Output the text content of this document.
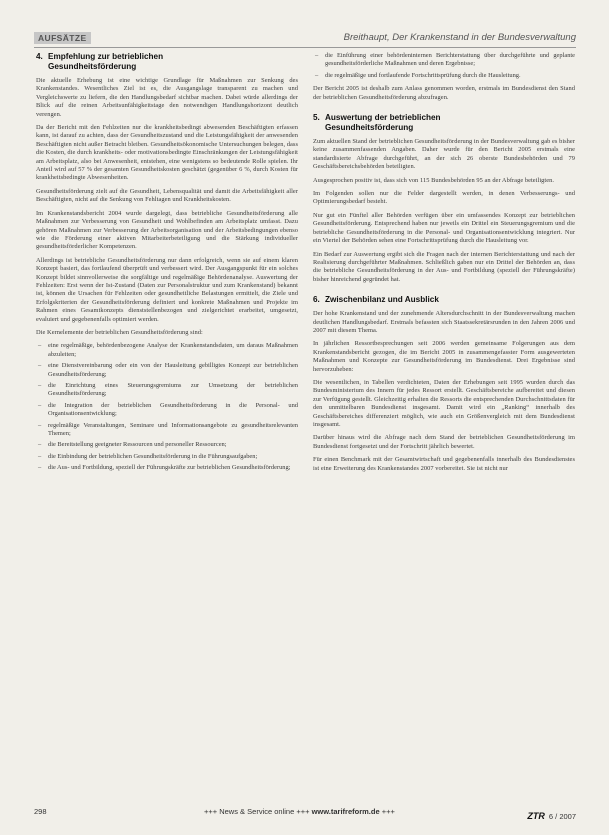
AUFSÄTZE	Breithaupt, Der Krankenstand in der Bundesverwaltung
4. Empfehlung zur betrieblichen
Gesundheitsförderung

Die aktuelle Erhebung ist eine wichtige Grundlage für Maßnahmen zur Senkung des Krankenstandes. Wesentliches Ziel ist es, die Ausgangslage transparent zu machen und Vergleichswerte zu liefern, die den Handlungsbedarf sichtbar machen. Dabei würde allerdings der Blick auf die reinen Arbeitsunfähigkeitstage den notwendigen Handlungshorizont deutlich verengen.

Da der Bericht mit den Fehlzeiten nur die krankheitsbedingt abwesenden Beschäftigten erfassen kann, ist darauf zu achten, dass der Gesundheitszustand und die Leistungsfähigkeit der anwesenden Beschäftigten nicht außer Betracht bleiben. Gesundheitsökonomische Untersuchungen belegen, dass die Kosten, die durch krankheits- oder motivationsbedingte Einschränkungen der Leistungsfähigkeit am Arbeitsplatz, also bei Anwesenheit, entstehen, eine wenigstens so bedeutende Rolle spielen. Ihr Anteil wird auf 57 % der gesamten Gesundheitskosten geschätzt (gegenüber 6 %, durch Kosten für krankheitsbedingte Abwesenheiten.

Gesundheitsförderung zielt auf die Gesundheit, Lebensqualität und damit die Arbeitsfähigkeit aller Beschäftigten, nicht auf die Senkung von Fehltagen und Krankheitskosten.

Im Krankenstandsbericht 2004 wurde dargelegt, dass betriebliche Gesundheitsförderung alle Maßnahmen zur Verbesserung von Gesundheit und Wohlbefinden am Arbeitsplatz umfasst. Dazu gehören Maßnahmen zur Verbesserung der Arbeitsorganisation und der Arbeitsbedingungen ebenso wie die Förderung einer aktiven Mitarbeiterbeteiligung und die Stärkung individueller gesundheitsförderlicher Kompetenzen.

Allerdings ist betriebliche Gesundheitsförderung nur dann erfolgreich, wenn sie auf einem klaren Konzept basiert, das fortlaufend überprüft und verbessert wird. Der Ausgangspunkt für ein solches Konzept bildet sinnvollerweise die sorgfältige und regelmäßige Behördenanalyse. Auswertung der Fehlzeiten: Erst wenn der Ist-Zustand (Daten zur Personalstruktur und zum Krankenstand) bekannt ist, können die Ursachen für Fehlzeiten oder gesundheitliche Belastungen ermittelt, die Ziele und Erfolgskriterien der Gesundheitsförderung definiert und konkrete Maßnahmen und Projekte im Rahmen eines Gesamtkonzepts dienststellenbezogen und zielgerichtet erarbeitet, umgesetzt, evaluiert und gegebenenfalls optimiert werden.

Die Kernelemente der betrieblichen Gesundheitsförderung sind:

– eine regelmäßige, behördenbezogene Analyse der Krankenstandsdaten, um daraus Maßnahmen abzuleiten;
– eine Dienstvereinbarung oder ein von der Hausleitung gebilligtes Konzept zur betrieblichen Gesundheitsförderung;
– die Einrichtung eines Steuerungsgremiums zur Umsetzung der betrieblichen Gesundheitsförderung;
– die Integration der betrieblichen Gesundheitsförderung in die Personal- und Organisationsentwicklung;
– regelmäßige Veranstaltungen, Seminare und Informationsangebote zu gesundheitsrelevanten Themen;
– die Bereitstellung geeigneter Ressourcen und personeller Ressourcen;
– die Einbindung der betrieblichen Gesundheitsförderung in die Führungsaufgaben;
– die Aus- und Fortbildung, speziell der Führungskräfte zur betrieblichen Gesundheitsförderung;
– die Einführung einer behördeninternen Berichterstattung über durchgeführte und geplante gesundheitsförderliche Maßnahmen und deren Ergebnisse;
– die regelmäßige und fortlaufende Fortschrittsprüfung durch die Hausleitung.

Der Bericht 2005 ist deshalb zum Anlass genommen worden, erstmals im Bundesdienst den Stand der betrieblichen Gesundheitsförderung abzufragen.

5. Auswertung der betrieblichen
Gesundheitsförderung

Zum aktuellen Stand der betrieblichen Gesundheitsförderung in der Bundesverwaltung gab es bisher keine zusammenfassenden Angaben. Daher wurde für den Bericht 2005 erstmals eine standardisierte Abfrage durchgeführt, an der sich 26 oberste Bundesbehörden und 79 Geschäftsbereichsbehörden beteiligten.

Ausgesprochen positiv ist, dass sich von 115 Bundesbehörden 95 an der Abfrage beteiligten.

Im Folgenden sollen nur die Felder dargestellt werden, in denen Verbesserungs- und Optimierungsbedarf besteht.

Nur gut ein Fünftel aller Behörden verfügen über ein umfassendes Konzept zur betrieblichen Gesundheitsförderung. Entsprechend haben nur jeweils ein Drittel ein Steuerungsgremium und die betriebliche Gesundheitsförderung in die Personal- und Organisationsentwicklung integriert. Nur ein Viertel der Behörden sehen eine Fortschrittsprüfung durch die Hausleitung vor.

Ein Bedarf zur Auswertung ergibt sich die Fragen nach der internen Berichterstattung und nach der Realisierung durchgeführter Maßnahmen. Schließlich gaben nur ein Drittel der Behörden an, dass die betriebliche Gesundheitsförderung in der Aus- und Fortbildung (speziell der Führungskräfte) bisher hinreichend gegründet hat.

6. Zwischenbilanz und Ausblick

Der hohe Krankenstand und der zunehmende Altersdurchschnitt in der Bundesverwaltung machen deutlichen Handlungsbedarf. Erstmals befassten sich Staatssekretärsrunden in den Jahren 2006 und 2007 mit diesem Thema.

In jährlichen Ressortbesprechungen seit 2006 werden gemeinsame Folgerungen aus dem Krankenstandsbericht gezogen, die im Bericht 2005 in zusammengefasster Form ausgewerteten Maßnahmen und Konzepte zur Gesundheitsförderung im Bundesdienst. Drei Ergebnisse sind hervorzuheben:

Die wesentlichen, in Tabellen verdichteten, Daten der Erhebungen seit 1995 wurden durch das Bundesministerium des Innern für jedes Ressort erstellt. Geschäftsbereiche aufbereitet und diesen zur Verfügung gestellt. Gleichzeitig erhalten die Ressorts die entsprechenden Durchschnittsdaten für den unmittelbaren Bundesdienst insgesamt. Damit wird ein „Ranking“ innerhalb des Geschäftsbereiches differenziert möglich, wie auch ein Größenvergleich mit dem Bundesdienst insgesamt.

Darüber hinaus wird die Abfrage nach dem Stand der betrieblichen Gesundheitsförderung im Bundesdienst fortgesetzt und der Fortschritt jährlich bewertet.

Für einen Benchmark mit der Gesamtwirtschaft und gegebenenfalls innerhalb des Bundesdienstes ist eine Erweiterung des Krankenstandes 2007 vorbereitet. Sie ist nicht nur

298	+++ News & Service online +++ www.tarifreform.de +++	ZTR 6 / 2007
